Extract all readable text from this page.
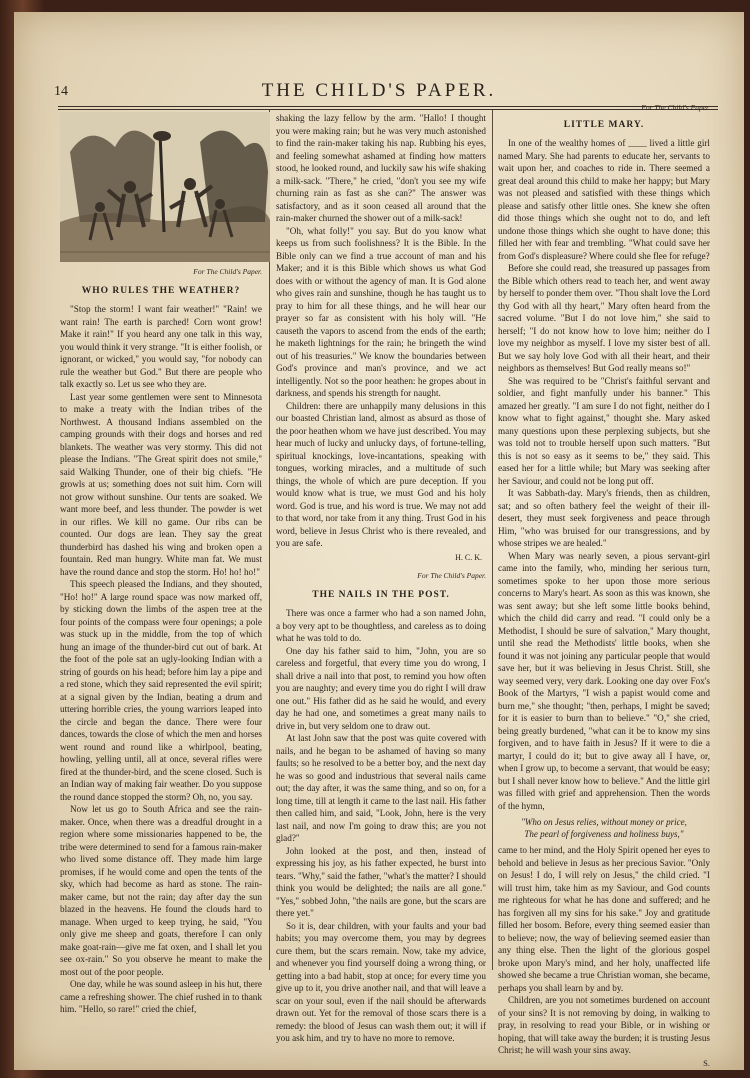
14	THE CHILD'S PAPER.
For The Child's Paper.
WHO RULES THE WEATHER?

"Stop the storm! I want fair weather!" "Rain! we want rain! The earth is parched! Corn wont grow! Make it rain!" If you heard any one talk in this way, you would think it very strange. "It is either foolish, or ignorant, or wicked," you would say, "for nobody can rule the weather but God." But there are people who talk exactly so. Let us see who they are.

Last year some gentlemen were sent to Minnesota to make a treaty with the Indian tribes of the Northwest. A thousand Indians assembled on the camping grounds with their dogs and horses and red blankets. The weather was very stormy. This did not please the Indians. "The Great spirit does not smile," said Walking Thunder, one of their big chiefs. "He growls at us; something does not suit him. Corn will not grow without sunshine. Our tents are soaked. We want more beef, and less thunder. The powder is wet in our rifles. We kill no game. Our ribs can be counted. Our dogs are lean. They say the great thunderbird has dashed his wing and broken open a fountain. Red man hungry. White man fat. We must have the round dance and stop the storm. Ho! ho! ho!"

This speech pleased the Indians, and they shouted, "Ho! ho!" A large round space was now marked off, by sticking down the limbs of the aspen tree at the four points of the compass were four openings; a pole was stuck up in the middle, from the top of which hung an image of the thunder-bird cut out of bark. At the foot of the pole sat an ugly-looking Indian with a string of gourds on his head; before him lay a pipe and a red stone, which they said represented the evil spirit; at a signal given by the Indian, beating a drum and uttering horrible cries, the young warriors leaped into the circle and began the dance. There were four dances, towards the close of which the men and horses went round and round like a whirlpool, beating, howling, yelling until, all at once, several rifles were fired at the thunder-bird, and the scene closed. Such is an Indian way of making fair weather. Do you suppose the round dance stopped the storm? Oh, no, you say.

Now let us go to South Africa and see the rain-maker. Once, when there was a dreadful drought in a region where some missionaries happened to be, the tribe were determined to send for a famous rain-maker who lived some distance off. They made him large promises, if he would come and open the tents of the sky, which had become as hard as stone. The rain-maker came, but not the rain; day after day the sun blazed in the heavens. He found the clouds hard to manage. When urged to keep trying, he said, "You only give me sheep and goats, therefore I can only make goat-rain—give me fat oxen, and I shall let you see ox-rain." So you observe he meant to make the most out of the poor people.

One day, while he was sound asleep in his hut, there came a refreshing shower. The chief rushed in to thank him. "Hello, so rare!" cried the chief,

shaking the lazy fellow by the arm. "Hallo! I thought you were making rain; but he was very much astonished to find the rain-maker taking his nap. Rubbing his eyes, and feeling somewhat ashamed at finding how matters stood, he looked round, and luckily saw his wife shaking a milk-sack. "There," he cried, "don't you see my wife churning rain as fast as she can?" The answer was satisfactory, and as it soon ceased all around that the rain-maker churned the shower out of a milk-sack!

"Oh, what folly!" you say. But do you know what keeps us from such foolishness? It is the Bible. In the Bible only can we find a true account of man and his Maker; and it is this Bible which shows us what God does with or without the agency of man. It is God alone who gives rain and sunshine, though he has taught us to pray to him for all these things, and he will hear our prayer so far as consistent with his holy will. "He causeth the vapors to ascend from the ends of the earth; he maketh lightnings for the rain; he bringeth the wind out of his treasuries." We know the boundaries between God's province and man's province, and we act intelligently. Not so the poor heathen: he gropes about in darkness, and spends his strength for naught.

Children: there are unhappily many delusions in this our boasted Christian land, almost as absurd as those of the poor heathen whom we have just described. You may hear much of lucky and unlucky days, of fortune-telling, spiritual knockings, love-incantations, speaking with tongues, working miracles, and a multitude of such things, the whole of which are pure deception. If you would know what is true, we must God and his holy word. God is true, and his word is true. We may not add to that word, nor take from it any thing. Trust God in his word, believe in Jesus Christ who is there revealed, and you are safe.

H. C. K.
For The Child's Paper.
THE NAILS IN THE POST.

There was once a farmer who had a son named John, a boy very apt to be thoughtless, and careless as to doing what he was told to do.

One day his father said to him, "John, you are so careless and forgetful, that every time you do wrong, I shall drive a nail into that post, to remind you how often you are naughty; and every time you do right I will draw one out." His father did as he said he would, and every day he had one, and sometimes a great many nails to drive in, but very seldom one to draw out.

At last John saw that the post was quite covered with nails, and he began to be ashamed of having so many faults; so he resolved to be a better boy, and the next day he was so good and industrious that several nails came out; the day after, it was the same thing, and so on, for a long time, till at length it came to the last nail. His father then called him, and said, "Look, John, here is the very last nail, and now I'm going to draw this; are you not glad?"

John looked at the post, and then, instead of expressing his joy, as his father expected, he burst into tears. "Why," said the father, "what's the matter? I should think you would be delighted; the nails are all gone." "Yes," sobbed John, "the nails are gone, but the scars are there yet."

So it is, dear children, with your faults and your bad habits; you may overcome them, you may by degrees cure them, but the scars remain. Now, take my advice, and whenever you find yourself doing a wrong thing, or getting into a bad habit, stop at once; for every time you give up to it, you drive another nail, and that will leave a scar on your soul, even if the nail should be afterwards drawn out. Yet for the removal of those scars there is a remedy: the blood of Jesus can wash them out; it will if you ask him, and try to have no more to remove.

For The Child's Paper.
LITTLE MARY.

In one of the wealthy homes of ____ lived a little girl named Mary. She had parents to educate her, servants to wait upon her, and coaches to ride in. There seemed a great deal around this child to make her happy; but Mary was not pleased and satisfied with these things which please and satisfy other little ones. She knew she often did those things which she ought not to do, and left undone those things which she ought to have done; this filled her with fear and trembling. "What could save her from God's displeasure? Where could she flee for refuge?

Before she could read, she treasured up passages from the Bible which others read to teach her, and went away by herself to ponder them over. "Thou shalt love the Lord thy God with all thy heart," Mary often heard from the sacred volume. "But I do not love him," she said to herself; "I do not know how to love him; neither do I love my neighbor as myself. I love my sister best of all. But we say holy love God with all their heart, and their neighbors as themselves! But God really means so!"

She was required to be "Christ's faithful servant and soldier, and fight manfully under his banner." This amazed her greatly. "I am sure I do not fight, neither do I know what to fight against," thought she. Mary asked many questions upon these perplexing subjects, but she was told not to trouble herself upon such matters. "But this is not so easy as it seems to be," they said. This eased her for a little while; but Mary was seeking after her Saviour, and could not be long put off.

It was Sabbath-day. Mary's friends, then as children, sat; and so often bathery feel the weight of their ill-desert, they must seek forgiveness and peace through Him, "who was bruised for our transgressions, and by whose stripes we are healed."

When Mary was nearly seven, a pious servant-girl came into the family, who, minding her serious turn, sometimes spoke to her upon those more serious concerns to Mary's heart. As soon as this was known, she was sent away; but she left some little books behind, which the child did carry and read. "I could only be a Methodist, I should be sure of salvation," Mary thought, until she read the Methodists' little books, when she found it was not joining any particular people that would save her, but it was believing in Jesus Christ. Still, she way seemed very, very dark. Looking one day over Fox's Book of the Martyrs, "I wish a papist would come and burn me," she thought; "then, perhaps, I might be saved; for it is easier to burn than to believe." "O," she cried, being greatly burdened, "what can it be to know my sins forgiven, and to have faith in Jesus? If it were to die a martyr, I could do it; but to give away all I have, or, when I grow up, to become a servant, that would be easy; but I shall never know how to believe." And the little girl was filled with grief and apprehension. Then the words of the hymn,

"Who on Jesus relies, without money or price,
The pearl of forgiveness and holiness buys,"

came to her mind, and the Holy Spirit opened her eyes to behold and believe in Jesus as her precious Savior. "Only on Jesus! I do, I will rely on Jesus," the child cried. "I will trust him, take him as my Saviour, and God counts me righteous for what he has done and suffered; and he has forgiven all my sins for his sake." Joy and gratitude filled her bosom. Before, every thing seemed easier than to believe; now, the way of believing seemed easier than any thing else. Then the light of the glorious gospel broke upon Mary's mind, and her holy, unaffected life showed she became a true Christian woman, she became, perhaps you shall learn by and by.

Children, are you not sometimes burdened on account of your sins? It is not removing by doing, in walking to pray, in resolving to read your Bible, or in wishing or hoping, that will take away the burden; it is trusting Jesus Christ; he will wash your sins away.

S.
